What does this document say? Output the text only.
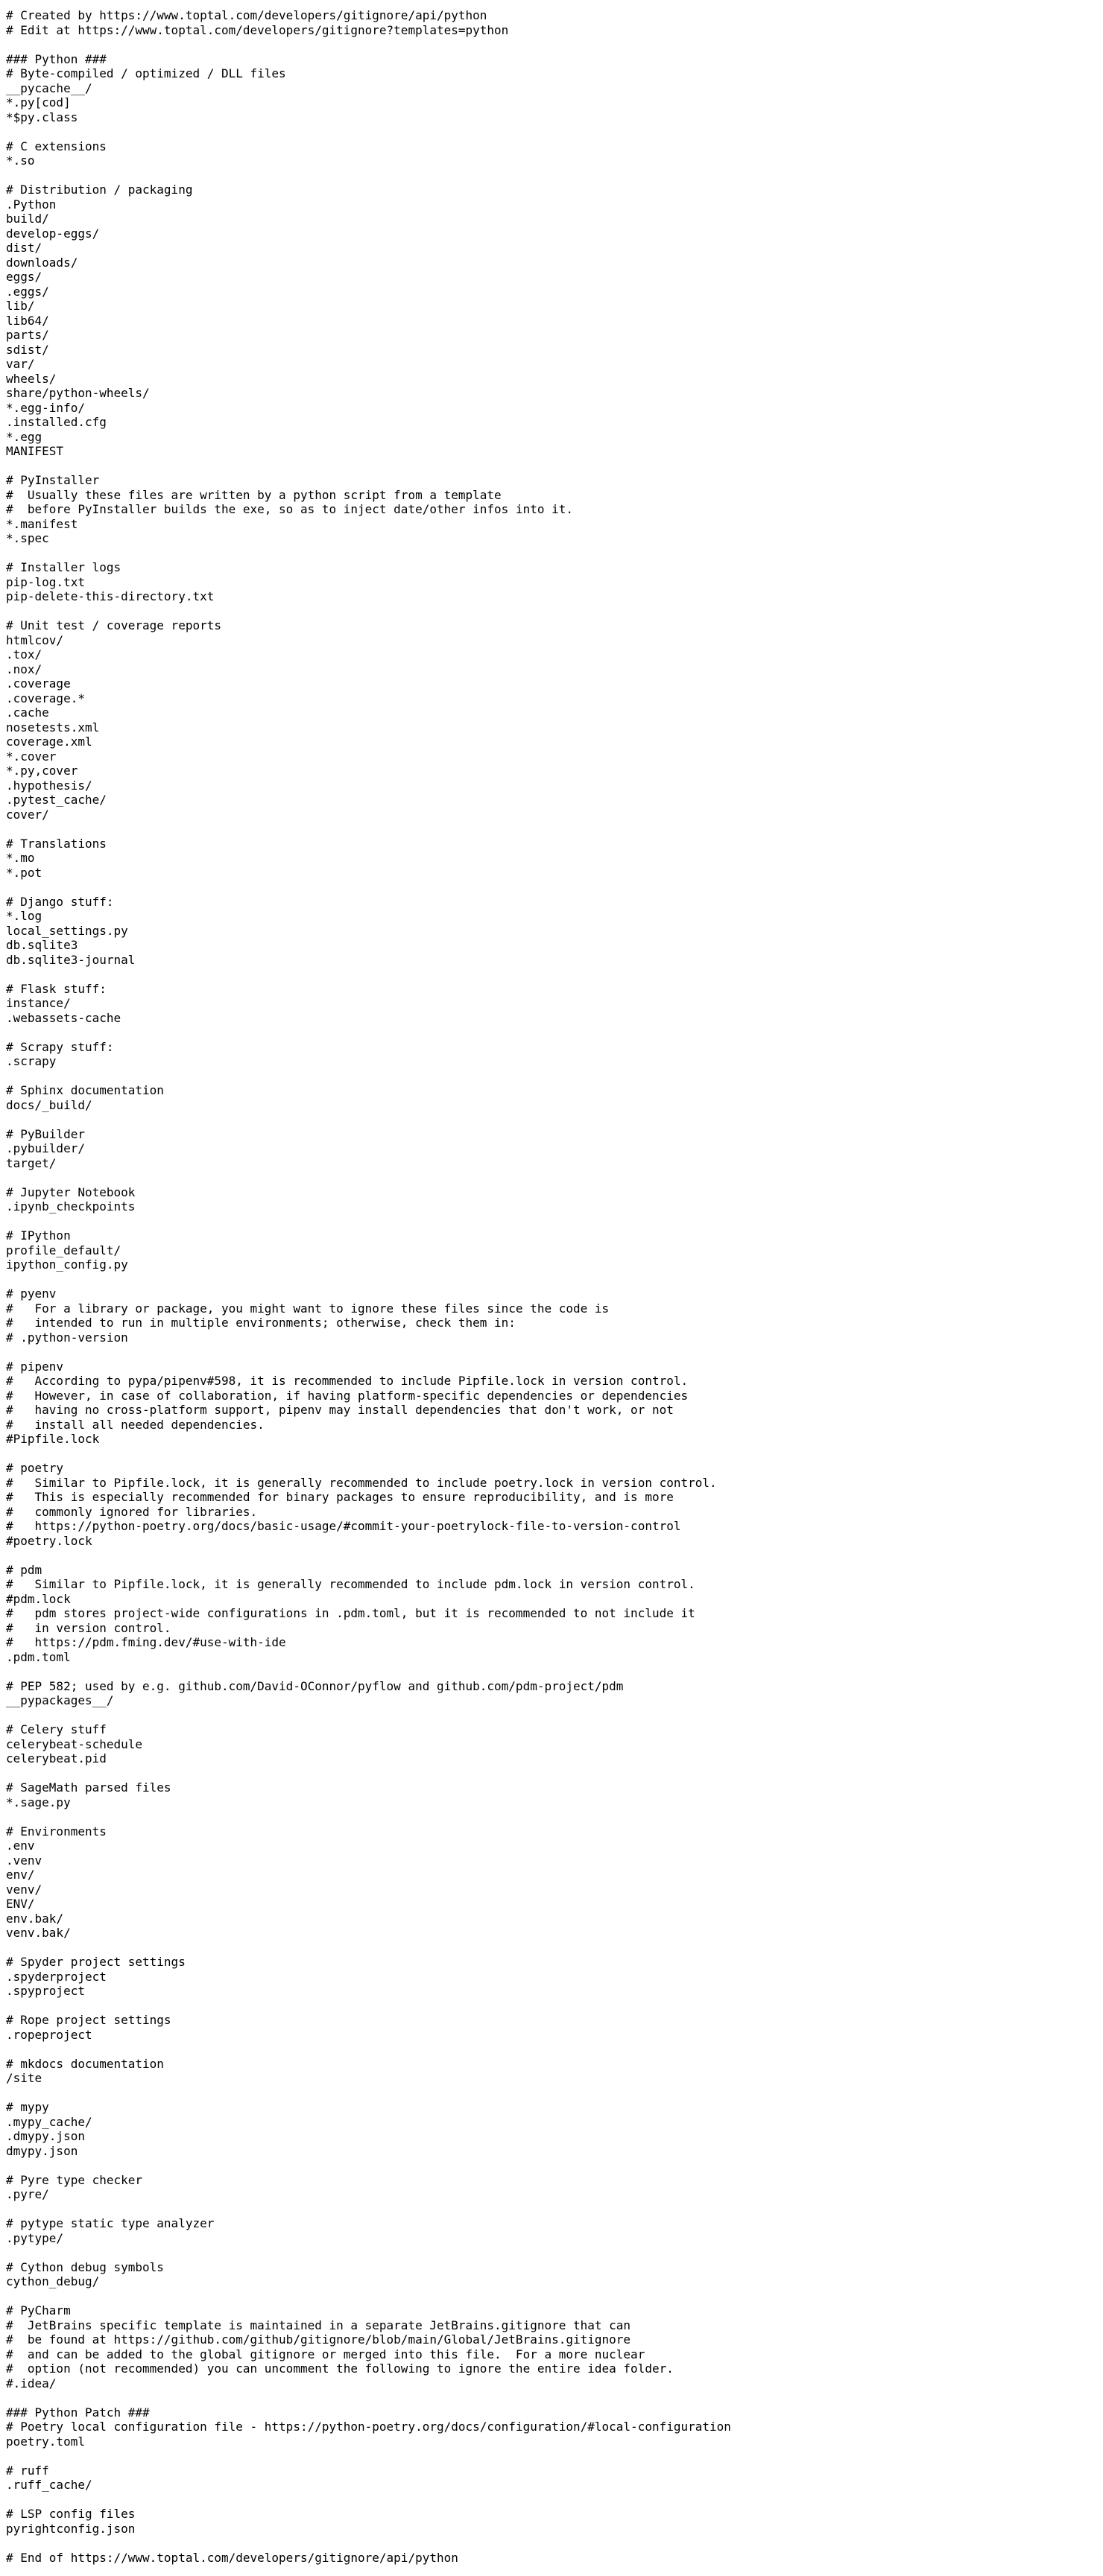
# Created by https://www.toptal.com/developers/gitignore/api/python
# Edit at https://www.toptal.com/developers/gitignore?templates=python
### Python ###
# Byte-compiled / optimized / DLL files
__pycache__/
*.py[cod]
*$py.class
# C extensions
*.so
# Distribution / packaging
.Python
build/
develop-eggs/
dist/
downloads/
eggs/
.eggs/
lib/
lib64/
parts/
sdist/
var/
wheels/
share/python-wheels/
*.egg-info/
.installed.cfg
*.egg
MANIFEST
# PyInstaller
#  Usually these files are written by a python script from a template
#  before PyInstaller builds the exe, so as to inject date/other infos into it.
*.manifest
*.spec
# Installer logs
pip-log.txt
pip-delete-this-directory.txt
# Unit test / coverage reports
htmlcov/
.tox/
.nox/
.coverage
.coverage.*
.cache
nosetests.xml
coverage.xml
*.cover
*.py,cover
.hypothesis/
.pytest_cache/
cover/
# Translations
*.mo
*.pot
# Django stuff:
*.log
local_settings.py
db.sqlite3
db.sqlite3-journal
# Flask stuff:
instance/
.webassets-cache
# Scrapy stuff:
.scrapy
# Sphinx documentation
docs/_build/
# PyBuilder
.pybuilder/
target/
# Jupyter Notebook
.ipynb_checkpoints
# IPython
profile_default/
ipython_config.py
# pyenv
#   For a library or package, you might want to ignore these files since the code is
#   intended to run in multiple environments; otherwise, check them in:
# .python-version
# pipenv
#   According to pypa/pipenv#598, it is recommended to include Pipfile.lock in version control.
#   However, in case of collaboration, if having platform-specific dependencies or dependencies
#   having no cross-platform support, pipenv may install dependencies that don't work, or not
#   install all needed dependencies.
#Pipfile.lock
# poetry
#   Similar to Pipfile.lock, it is generally recommended to include poetry.lock in version control.
#   This is especially recommended for binary packages to ensure reproducibility, and is more
#   commonly ignored for libraries.
#   https://python-poetry.org/docs/basic-usage/#commit-your-poetrylock-file-to-version-control
#poetry.lock
# pdm
#   Similar to Pipfile.lock, it is generally recommended to include pdm.lock in version control.
#pdm.lock
#   pdm stores project-wide configurations in .pdm.toml, but it is recommended to not include it
#   in version control.
#   https://pdm.fming.dev/#use-with-ide
.pdm.toml
# PEP 582; used by e.g. github.com/David-OConnor/pyflow and github.com/pdm-project/pdm
__pypackages__/
# Celery stuff
celerybeat-schedule
celerybeat.pid
# SageMath parsed files
*.sage.py
# Environments
.env
.venv
env/
venv/
ENV/
env.bak/
venv.bak/
# Spyder project settings
.spyderproject
.spyproject
# Rope project settings
.ropeproject
# mkdocs documentation
/site
# mypy
.mypy_cache/
.dmypy.json
dmypy.json
# Pyre type checker
.pyre/
# pytype static type analyzer
.pytype/
# Cython debug symbols
cython_debug/
# PyCharm
#  JetBrains specific template is maintained in a separate JetBrains.gitignore that can
#  be found at https://github.com/github/gitignore/blob/main/Global/JetBrains.gitignore
#  and can be added to the global gitignore or merged into this file.  For a more nuclear
#  option (not recommended) you can uncomment the following to ignore the entire idea folder.
#.idea/
### Python Patch ###
# Poetry local configuration file - https://python-poetry.org/docs/configuration/#local-configuration
poetry.toml
# ruff
.ruff_cache/
# LSP config files
pyrightconfig.json
# End of https://www.toptal.com/developers/gitignore/api/python
